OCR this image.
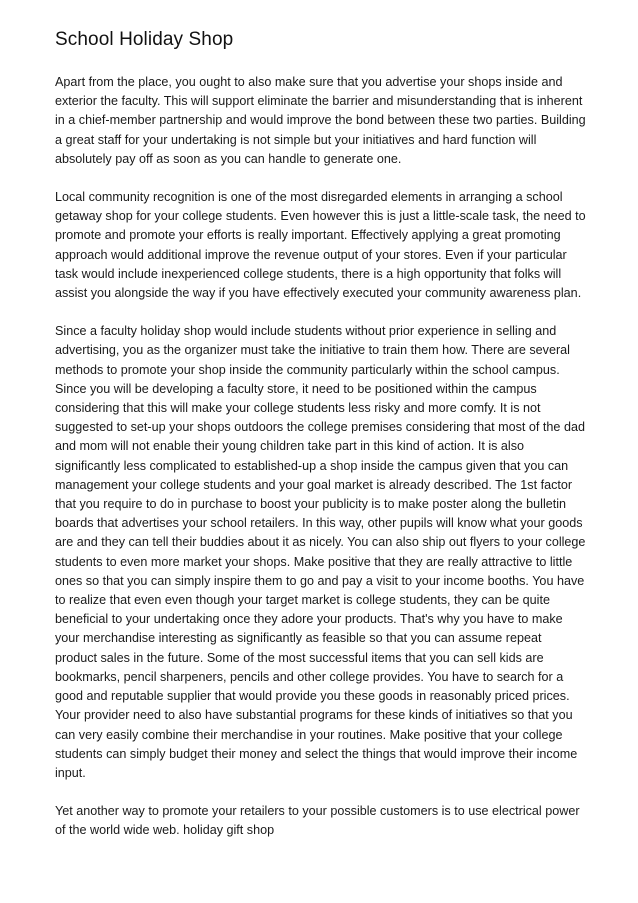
School Holiday Shop

Apart from the place, you ought to also make sure that you advertise your shops inside and exterior the faculty. This will support eliminate the barrier and misunderstanding that is inherent in a chief-member partnership and would improve the bond between these two parties. Building a great staff for your undertaking is not simple but your initiatives and hard function will absolutely pay off as soon as you can handle to generate one.

Local community recognition is one of the most disregarded elements in arranging a school getaway shop for your college students. Even however this is just a little-scale task, the need to promote and promote your efforts is really important. Effectively applying a great promoting approach would additional improve the revenue output of your stores. Even if your particular task would include inexperienced college students, there is a high opportunity that folks will assist you alongside the way if you have effectively executed your community awareness plan.

Since a faculty holiday shop would include students without prior experience in selling and advertising, you as the organizer must take the initiative to train them how. There are several methods to promote your shop inside the community particularly within the school campus. Since you will be developing a faculty store, it need to be positioned within the campus considering that this will make your college students less risky and more comfy. It is not suggested to set-up your shops outdoors the college premises considering that most of the dad and mom will not enable their young children take part in this kind of action. It is also significantly less complicated to established-up a shop inside the campus given that you can management your college students and your goal market is already described. The 1st factor that you require to do in purchase to boost your publicity is to make poster along the bulletin boards that advertises your school retailers. In this way, other pupils will know what your goods are and they can tell their buddies about it as nicely. You can also ship out flyers to your college students to even more market your shops. Make positive that they are really attractive to little ones so that you can simply inspire them to go and pay a visit to your income booths. You have to realize that even even though your target market is college students, they can be quite beneficial to your undertaking once they adore your products. That's why you have to make your merchandise interesting as significantly as feasible so that you can assume repeat product sales in the future. Some of the most successful items that you can sell kids are bookmarks, pencil sharpeners, pencils and other college provides. You have to search for a good and reputable supplier that would provide you these goods in reasonably priced prices. Your provider need to also have substantial programs for these kinds of initiatives so that you can very easily combine their merchandise in your routines. Make positive that your college students can simply budget their money and select the things that would improve their income input.

Yet another way to promote your retailers to your possible customers is to use electrical power of the world wide web. holiday gift shop
